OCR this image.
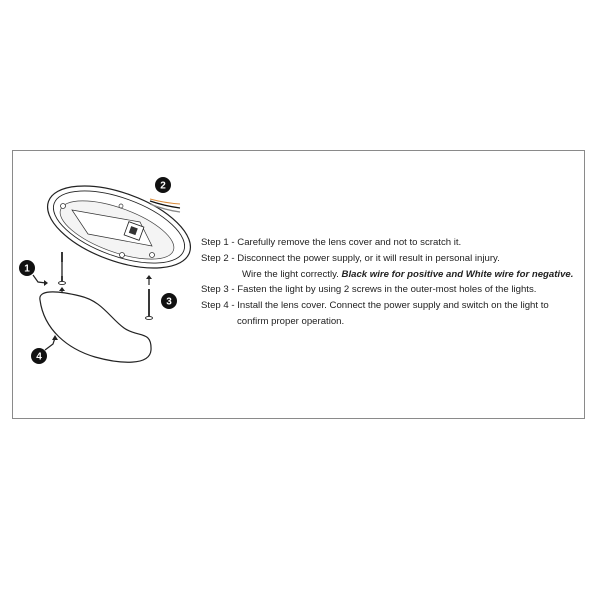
1
2
3
4
Step 1 - Carefully remove the lens cover and not to scratch it.
Step 2 - Disconnect the power supply, or it will result in personal injury.
Wire the light correctly. Black wire for positive and White wire for negative.
Step 3 - Fasten the light by using 2 screws in the outer-most holes of the lights.
Step 4 - Install the lens cover. Connect the power supply and switch on the light to
confirm proper operation.
